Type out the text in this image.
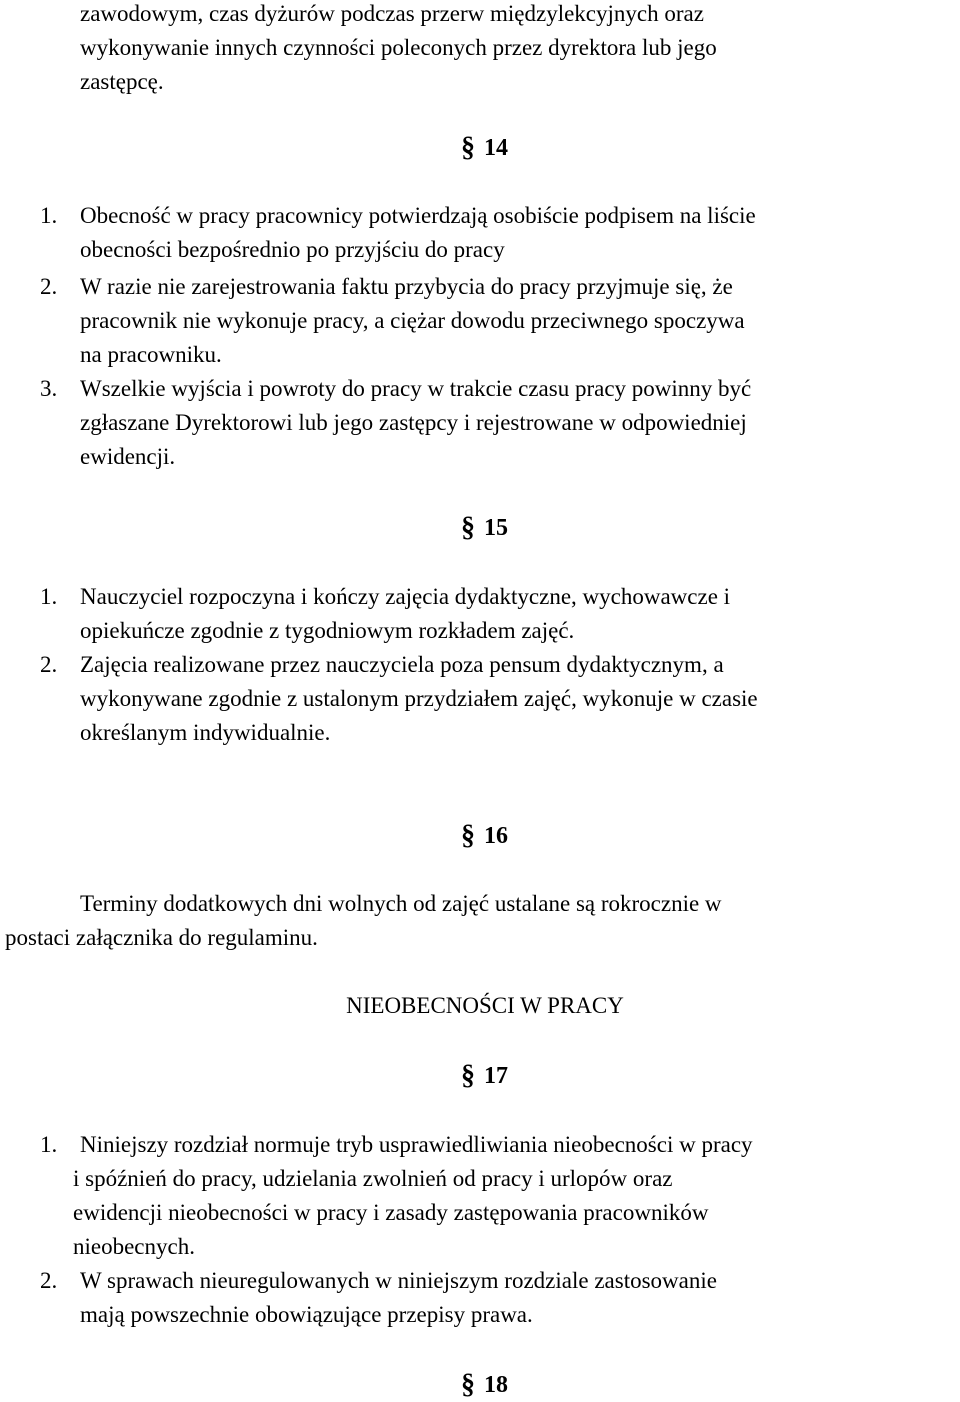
zawodowym, czas dyżurów podczas przerw międzylekcyjnych oraz
wykonywanie innych czynności poleconych przez dyrektora lub jego
zastępcę.
§ 14
1. Obecność w pracy pracownicy potwierdzają osobiście podpisem na liście
obecności bezpośrednio po przyjściu do pracy
2. W razie nie zarejestrowania faktu przybycia do pracy przyjmuje się, że
pracownik nie wykonuje pracy, a ciężar dowodu przeciwnego spoczywa
na pracowniku.
3. Wszelkie wyjścia i powroty do pracy w trakcie czasu pracy powinny być
zgłaszane Dyrektorowi lub jego zastępcy i rejestrowane w odpowiedniej
ewidencji.
§ 15
1. Nauczyciel rozpoczyna i kończy zajęcia dydaktyczne, wychowawcze i
opiekuńcze zgodnie z tygodniowym rozkładem zajęć.
2. Zajęcia realizowane przez nauczyciela poza pensum dydaktycznym, a
wykonywane zgodnie z ustalonym przydziałem zajęć, wykonuje w czasie
określanym indywidualnie.
§ 16
Terminy dodatkowych dni wolnych od zajęć ustalane są rokrocznie w
postaci załącznika do regulaminu.
NIEOBECNOŚCI W PRACY
§ 17
1. Niniejszy rozdział normuje tryb usprawiedliwiania nieobecności w pracy
i spóźnień do pracy, udzielania zwolnień od pracy i urlopów oraz
ewidencji nieobecności w pracy i zasady zastępowania pracowników
nieobecnych.
2. W sprawach nieuregulowanych w niniejszym rozdziale zastosowanie
mają powszechnie obowiązujące przepisy prawa.
§ 18
